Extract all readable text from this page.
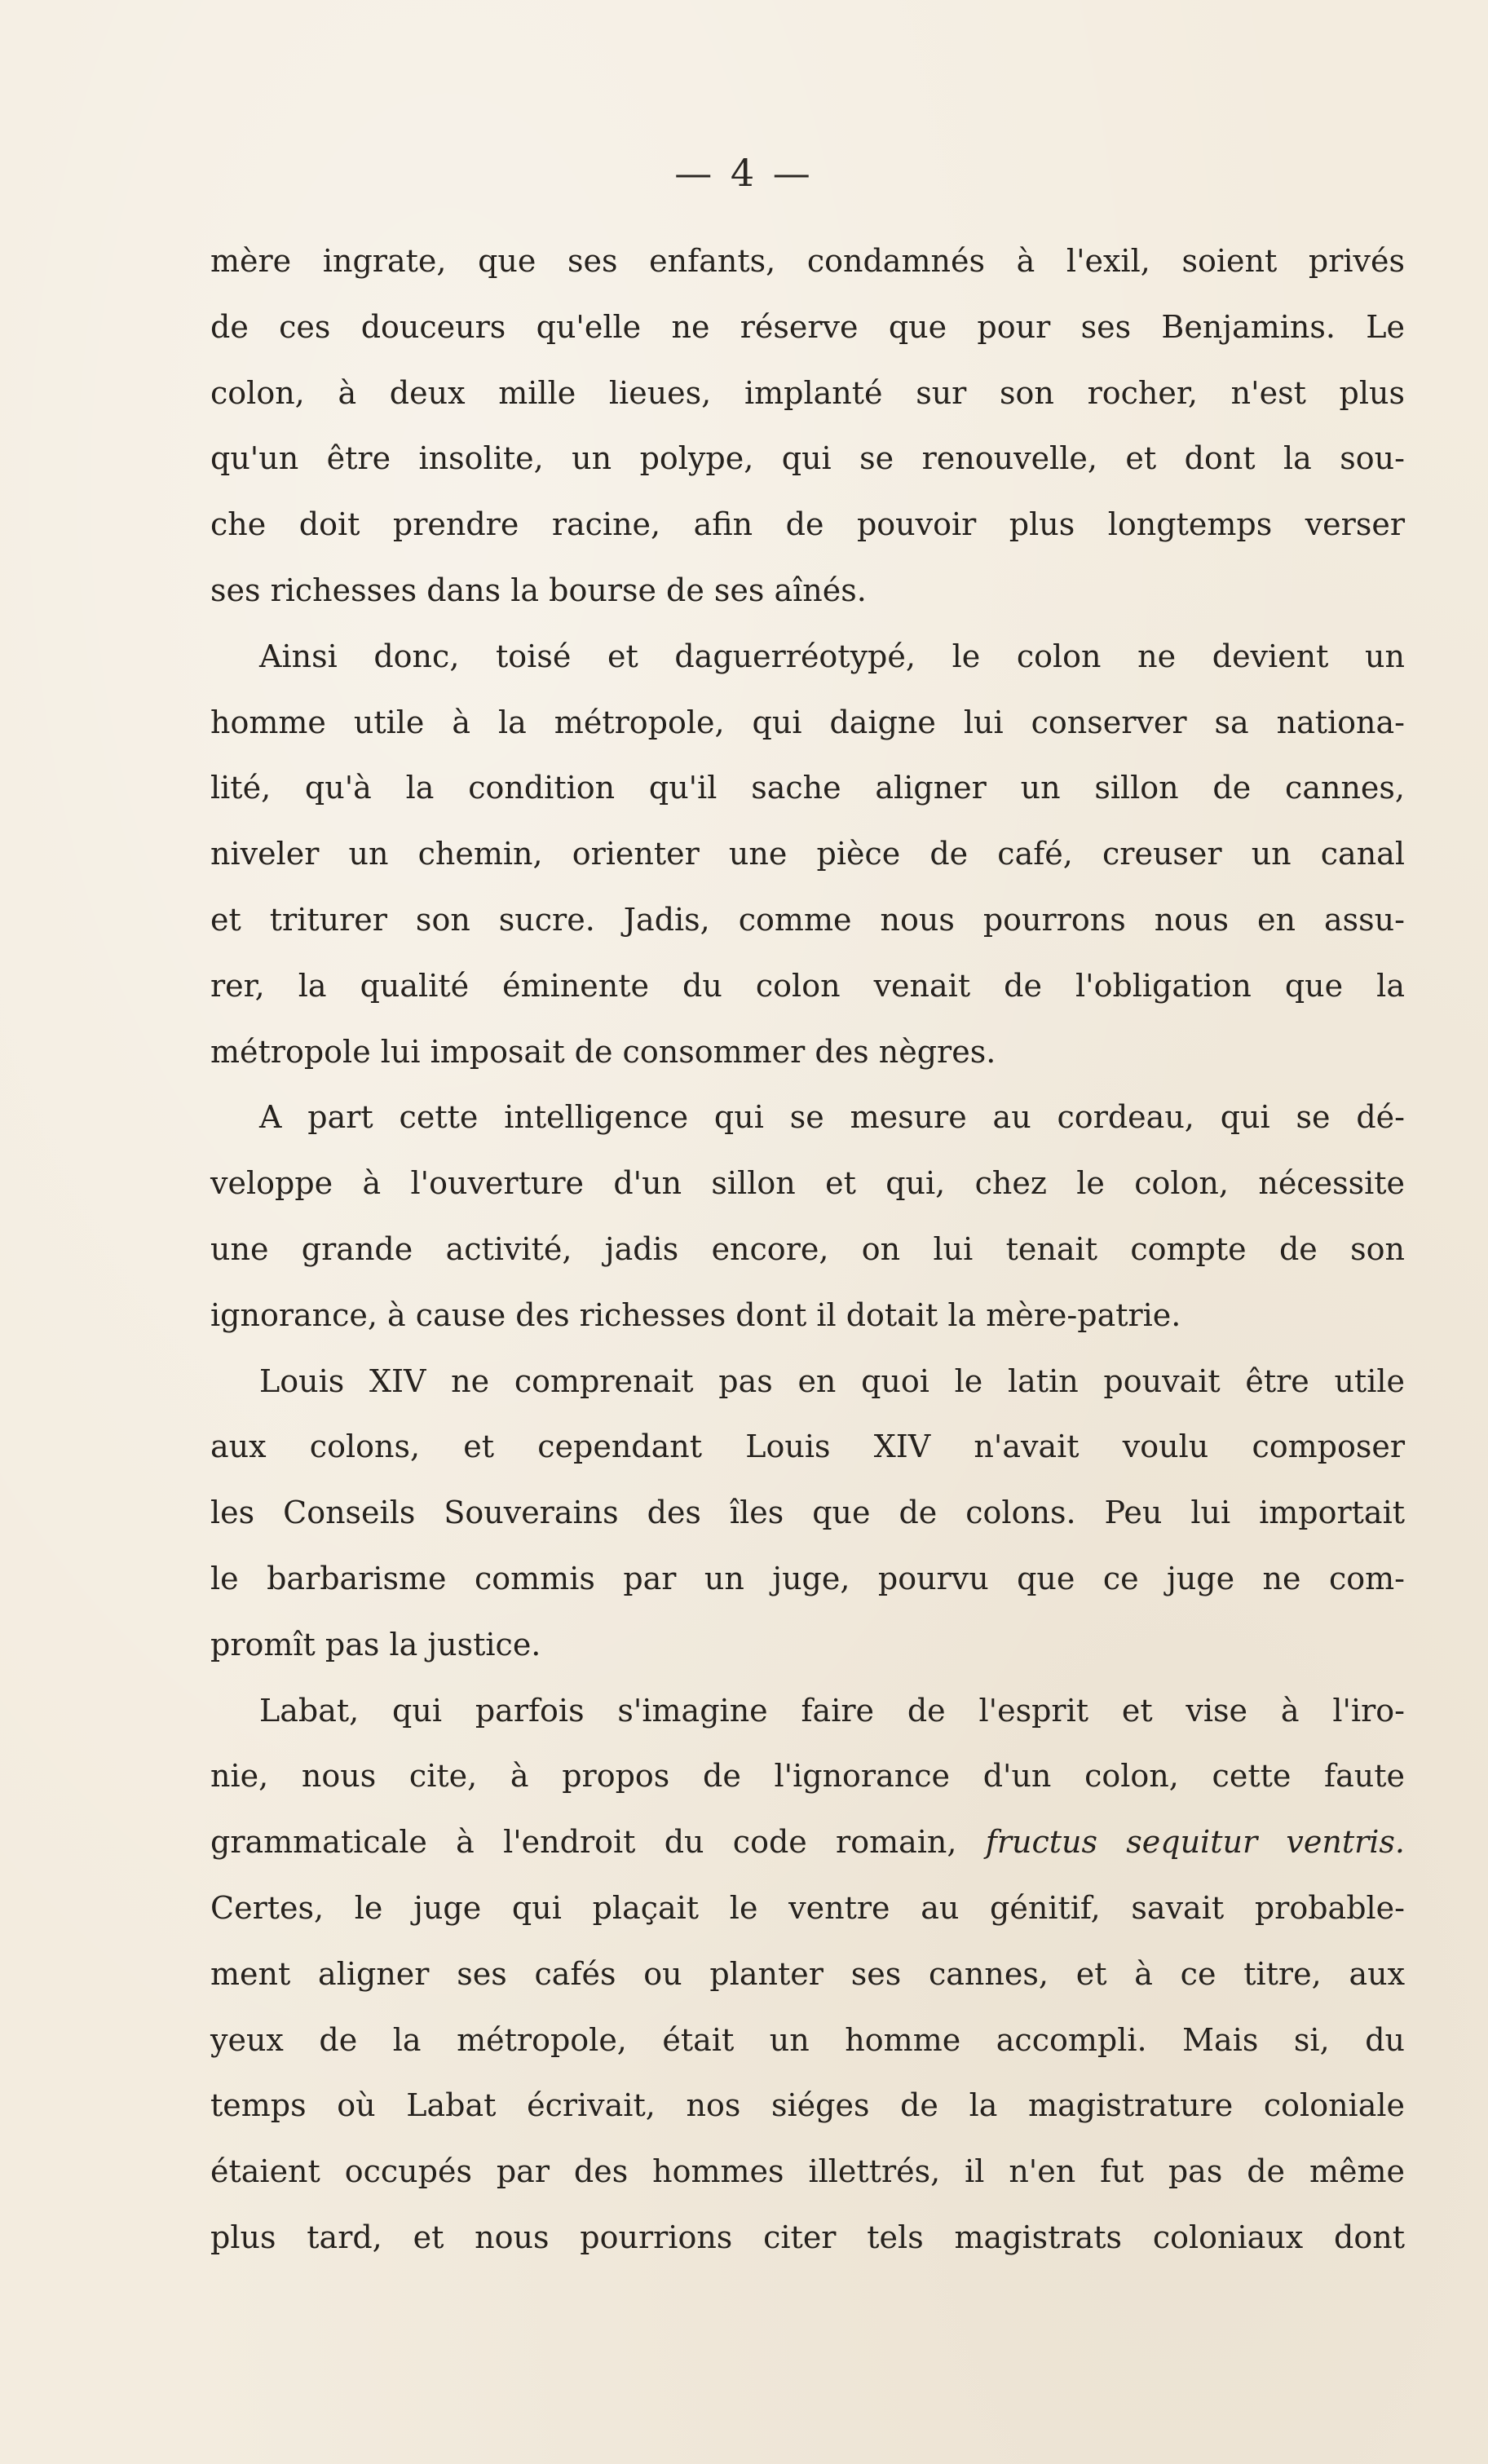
— 4 —
mère ingrate, que ses enfants, condamnés à l'exil, soient privés
de ces douceurs qu'elle ne réserve que pour ses Benjamins. Le
colon, à deux mille lieues, implanté sur son rocher, n'est plus
qu'un être insolite, un polype, qui se renouvelle, et dont la sou-
che doit prendre racine, afin de pouvoir plus longtemps verser
ses richesses dans la bourse de ses aînés.
Ainsi donc, toisé et daguerréotypé, le colon ne devient un
homme utile à la métropole, qui daigne lui conserver sa nationa-
lité, qu'à la condition qu'il sache aligner un sillon de cannes,
niveler un chemin, orienter une pièce de café, creuser un canal
et triturer son sucre. Jadis, comme nous pourrons nous en assu-
rer, la qualité éminente du colon venait de l'obligation que la
métropole lui imposait de consommer des nègres.
A part cette intelligence qui se mesure au cordeau, qui se dé-
veloppe à l'ouverture d'un sillon et qui, chez le colon, nécessite
une grande activité, jadis encore, on lui tenait compte de son
ignorance, à cause des richesses dont il dotait la mère-patrie.
Louis XIV ne comprenait pas en quoi le latin pouvait être utile
aux colons, et cependant Louis XIV n'avait voulu composer
les Conseils Souverains des îles que de colons. Peu lui importait
le barbarisme commis par un juge, pourvu que ce juge ne com-
promît pas la justice.
Labat, qui parfois s'imagine faire de l'esprit et vise à l'iro-
nie, nous cite, à propos de l'ignorance d'un colon, cette faute
grammaticale à l'endroit du code romain, fructus sequitur ventris.
Certes, le juge qui plaçait le ventre au génitif, savait probable-
ment aligner ses cafés ou planter ses cannes, et à ce titre, aux
yeux de la métropole, était un homme accompli. Mais si, du
temps où Labat écrivait, nos siéges de la magistrature coloniale
étaient occupés par des hommes illettrés, il n'en fut pas de même
plus tard, et nous pourrions citer tels magistrats coloniaux dont
